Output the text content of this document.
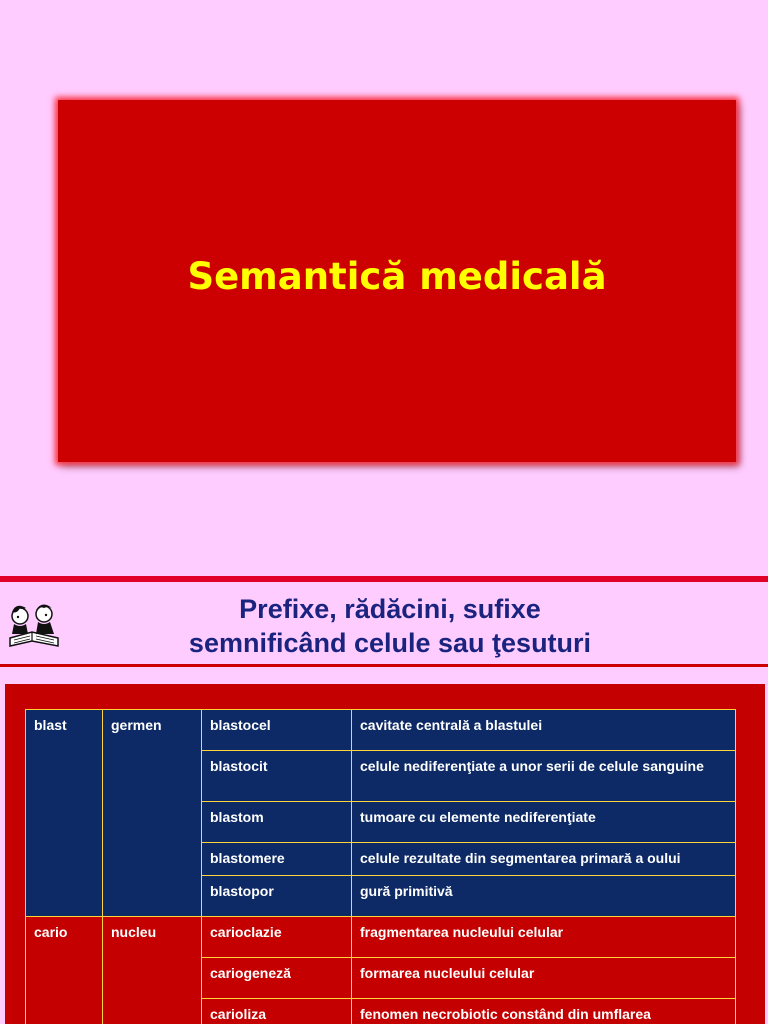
Semantică medicală
Prefixe, rădăcini, sufixe
semnificând celule sau ţesuturi
blast	germen	blastocel	cavitate centrală a blastulei
		blastocit	celule nediferenţiate a unor serii de celule sanguine
		blastom	tumoare cu elemente nediferenţiate
		blastomere	celule rezultate din segmentarea primară a oului
		blastopor	gură primitivă
cario	nucleu	carioclazie	fragmentarea nucleului celular
		cariogeneză	formarea nucleului celular
		carioliza	fenomen necrobiotic constând din umflarea
